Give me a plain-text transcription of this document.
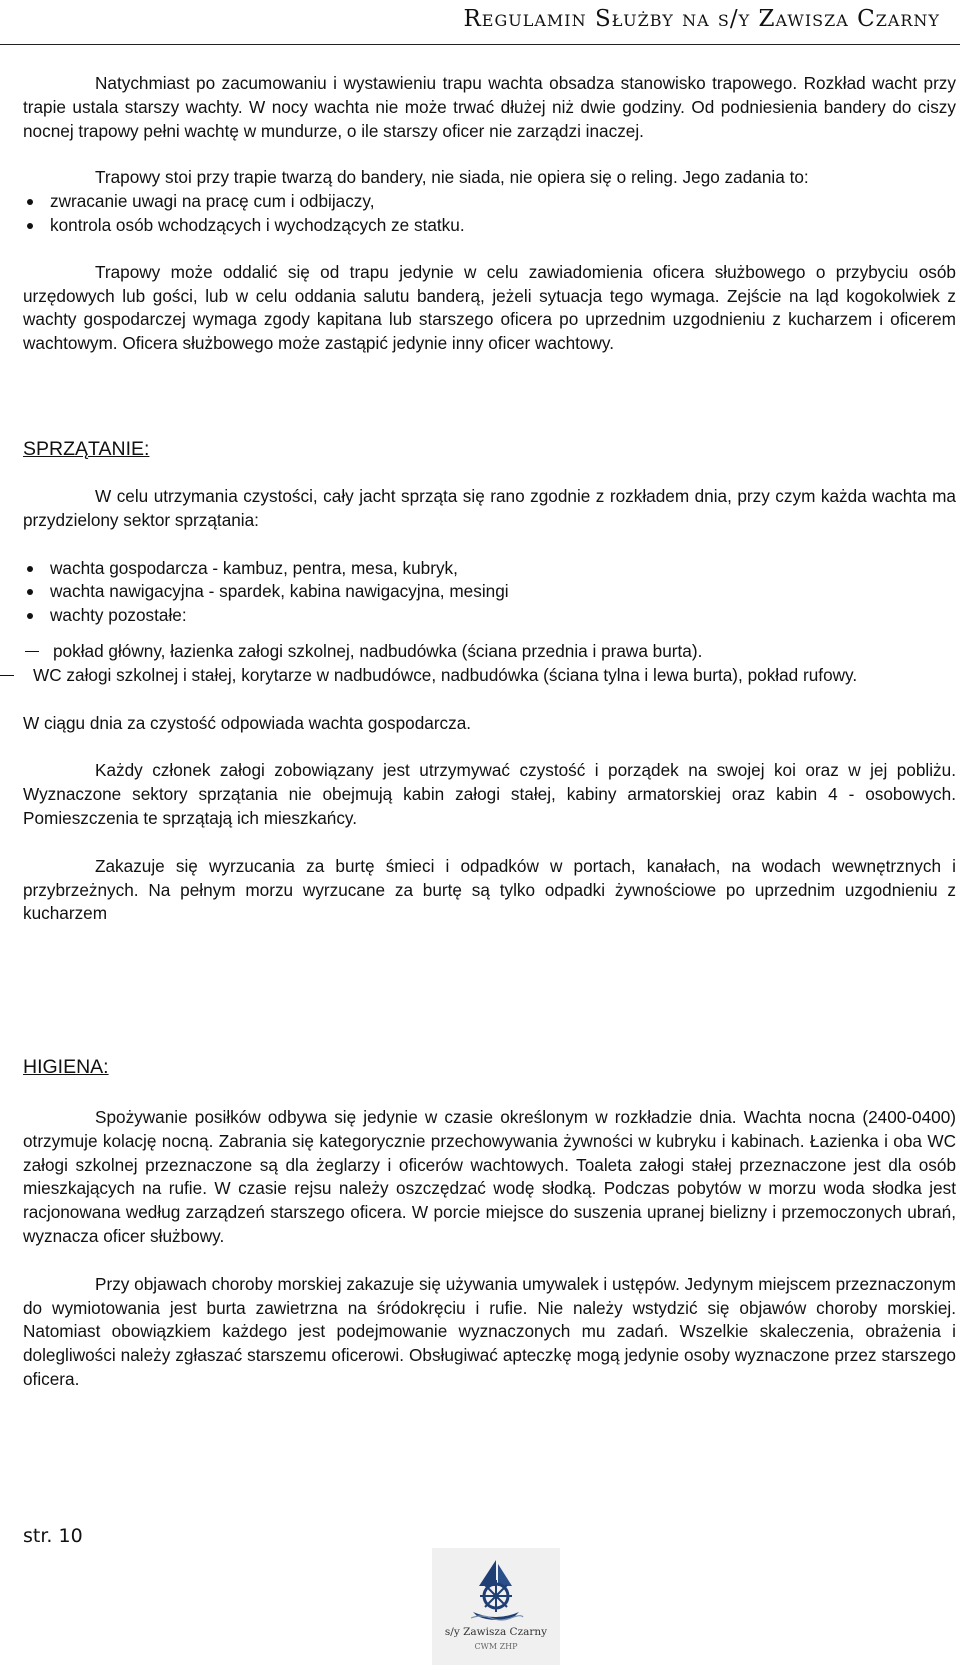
Regulamin Służby na s/y Zawisza Czarny

Natychmiast po zacumowaniu i wystawieniu trapu wachta obsadza stanowisko trapowego. Rozkład wacht przy trapie ustala starszy wachty. W nocy wachta nie może trwać dłużej niż dwie godziny. Od podniesienia bandery do ciszy nocnej trapowy pełni wachtę w mundurze, o ile starszy oficer nie zarządzi inaczej.

Trapowy stoi przy trapie twarzą do bandery, nie siada, nie opiera się o reling. Jego zadania to:

zwracanie uwagi na pracę cum i odbijaczy,
kontrola osób wchodzących i wychodzących ze statku.

Trapowy może oddalić się od trapu jedynie w celu zawiadomienia oficera służbowego o przybyciu osób urzędowych lub gości, lub w celu oddania salutu banderą, jeżeli sytuacja tego wymaga. Zejście na ląd kogokolwiek z wachty gospodarczej wymaga zgody kapitana lub starszego oficera po uprzednim uzgodnieniu z kucharzem i oficerem wachtowym. Oficera służbowego może zastąpić jedynie inny oficer wachtowy.

SPRZĄTANIE:

W celu utrzymania czystości, cały jacht sprząta się rano zgodnie z rozkładem dnia, przy czym każda wachta ma przydzielony sektor sprzątania:

wachta gospodarcza - kambuz, pentra, mesa, kubryk,
wachta nawigacyjna - spardek, kabina nawigacyjna, mesingi
wachty pozostałe:
pokład główny, łazienka załogi szkolnej, nadbudówka (ściana przednia i prawa burta).
WC załogi szkolnej i stałej, korytarze w nadbudówce, nadbudówka (ściana tylna i lewa burta), pokład rufowy.

W ciągu dnia za czystość odpowiada wachta gospodarcza.

Każdy członek załogi zobowiązany jest utrzymywać czystość i porządek na swojej koi oraz w jej pobliżu. Wyznaczone sektory sprzątania nie obejmują kabin załogi stałej, kabiny armatorskiej oraz kabin 4 - osobowych. Pomieszczenia te sprzątają ich mieszkańcy.

Zakazuje się wyrzucania za burtę śmieci i odpadków w portach, kanałach, na wodach wewnętrznych i przybrzeżnych. Na pełnym morzu wyrzucane za burtę są tylko odpadki żywnościowe po uprzednim uzgodnieniu z kucharzem

HIGIENA:

Spożywanie posiłków odbywa się jedynie w czasie określonym w rozkładzie dnia. Wachta nocna (2400-0400) otrzymuje kolację nocną. Zabrania się kategorycznie przechowywania żywności w kubryku i kabinach. Łazienka i oba WC załogi szkolnej przeznaczone są dla żeglarzy i oficerów wachtowych. Toaleta załogi stałej przeznaczone jest dla osób mieszkających na rufie. W czasie rejsu należy oszczędzać wodę słodką. Podczas pobytów w morzu woda słodka jest racjonowana według zarządzeń starszego oficera. W porcie miejsce do suszenia upranej bielizny i przemoczonych ubrań, wyznacza oficer służbowy.

Przy objawach choroby morskiej zakazuje się używania umywalek i ustępów. Jedynym miejscem przeznaczonym do wymiotowania jest burta zawietrzna na śródokręciu i rufie. Nie należy wstydzić się objawów choroby morskiej. Natomiast obowiązkiem każdego jest podejmowanie wyznaczonych mu zadań. Wszelkie skaleczenia, obrażenia i dolegliwości należy zgłaszać starszemu oficerowi. Obsługiwać apteczkę mogą jedynie osoby wyznaczone przez starszego oficera.

str. 10
s/y Zawisza Czarny
CWM ZHP
